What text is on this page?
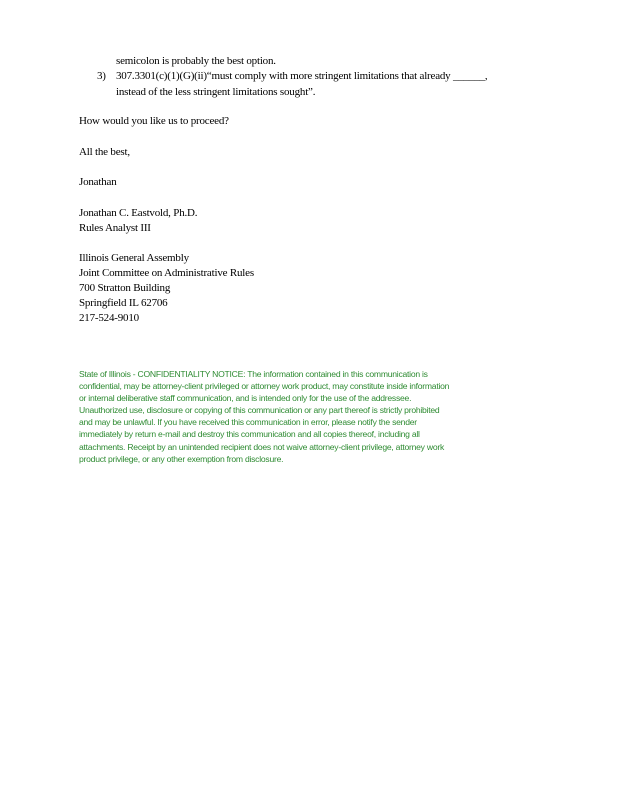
semicolon is probably the best option.
3) 307.3301(c)(1)(G)(ii)“must comply with more stringent limitations that already ______,
instead of the less stringent limitations sought”.
How would you like us to proceed?
All the best,
Jonathan
Jonathan C. Eastvold, Ph.D.
Rules Analyst III
Illinois General Assembly
Joint Committee on Administrative Rules
700 Stratton Building
Springfield IL 62706
217-524-9010
State of Illinois - CONFIDENTIALITY NOTICE: The information contained in this communication is
confidential, may be attorney-client privileged or attorney work product, may constitute inside information
or internal deliberative staff communication, and is intended only for the use of the addressee.
Unauthorized use, disclosure or copying of this communication or any part thereof is strictly prohibited
and may be unlawful. If you have received this communication in error, please notify the sender
immediately by return e-mail and destroy this communication and all copies thereof, including all
attachments. Receipt by an unintended recipient does not waive attorney-client privilege, attorney work
product privilege, or any other exemption from disclosure.
